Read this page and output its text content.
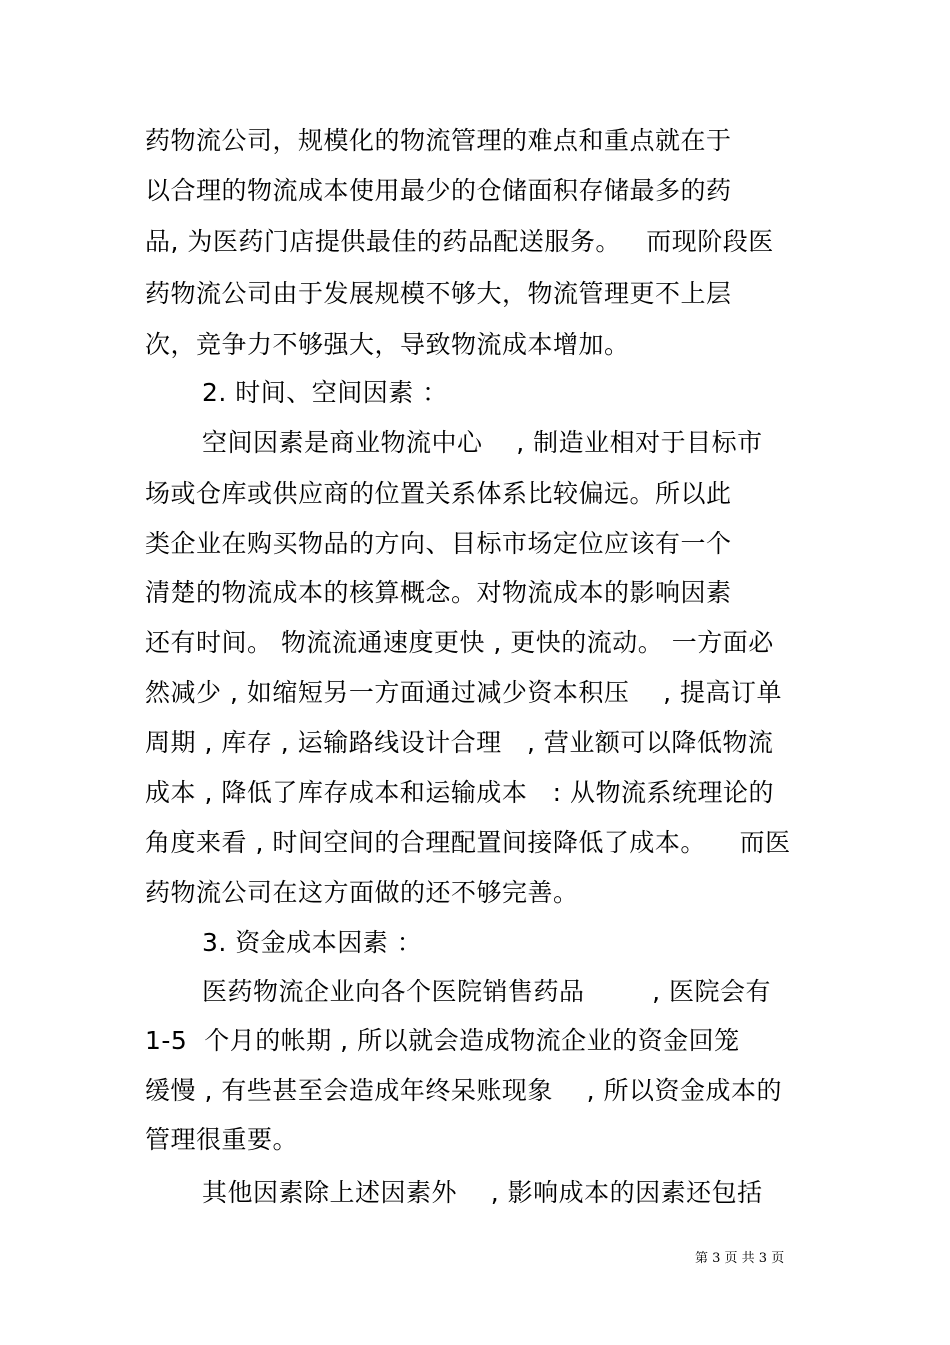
药物流公司，规模化的物流管理的难点和重点就在于
以合理的物流成本使用最少的仓储面积存储最多的药
品, 为医药门店提供最佳的药品配送服务。   而现阶段医
药物流公司由于发展规模不够大，物流管理更不上层
次，竞争力不够强大，导致物流成本增加。
2. 时间、空间因素 ：
空间因素是商业物流中心    , 制造业相对于目标市
场或仓库或供应商的位置关系体系比较偏远。所以此
类企业在购买物品的方向、目标市场定位应该有一个
清楚的物流成本的核算概念。对物流成本的影响因素
还有时间。 物流流通速度更快 , 更快的流动。 一方面必
然减少 , 如缩短另一方面通过减少资本积压    , 提高订单
周期 , 库存 , 运输路线设计合理   , 营业额可以降低物流
成本 , 降低了库存成本和运输成本   : 从物流系统理论的
角度来看 , 时间空间的合理配置间接降低了成本。    而医
药物流公司在这方面做的还不够完善。
3. 资金成本因素 ：
医药物流企业向各个医院销售药品        , 医院会有
1-5  个月的帐期 , 所以就会造成物流企业的资金回笼
缓慢 , 有些甚至会造成年终呆账现象    , 所以资金成本的
管理很重要。
其他因素除上述因素外    , 影响成本的因素还包括
第 3 页 共 3 页
